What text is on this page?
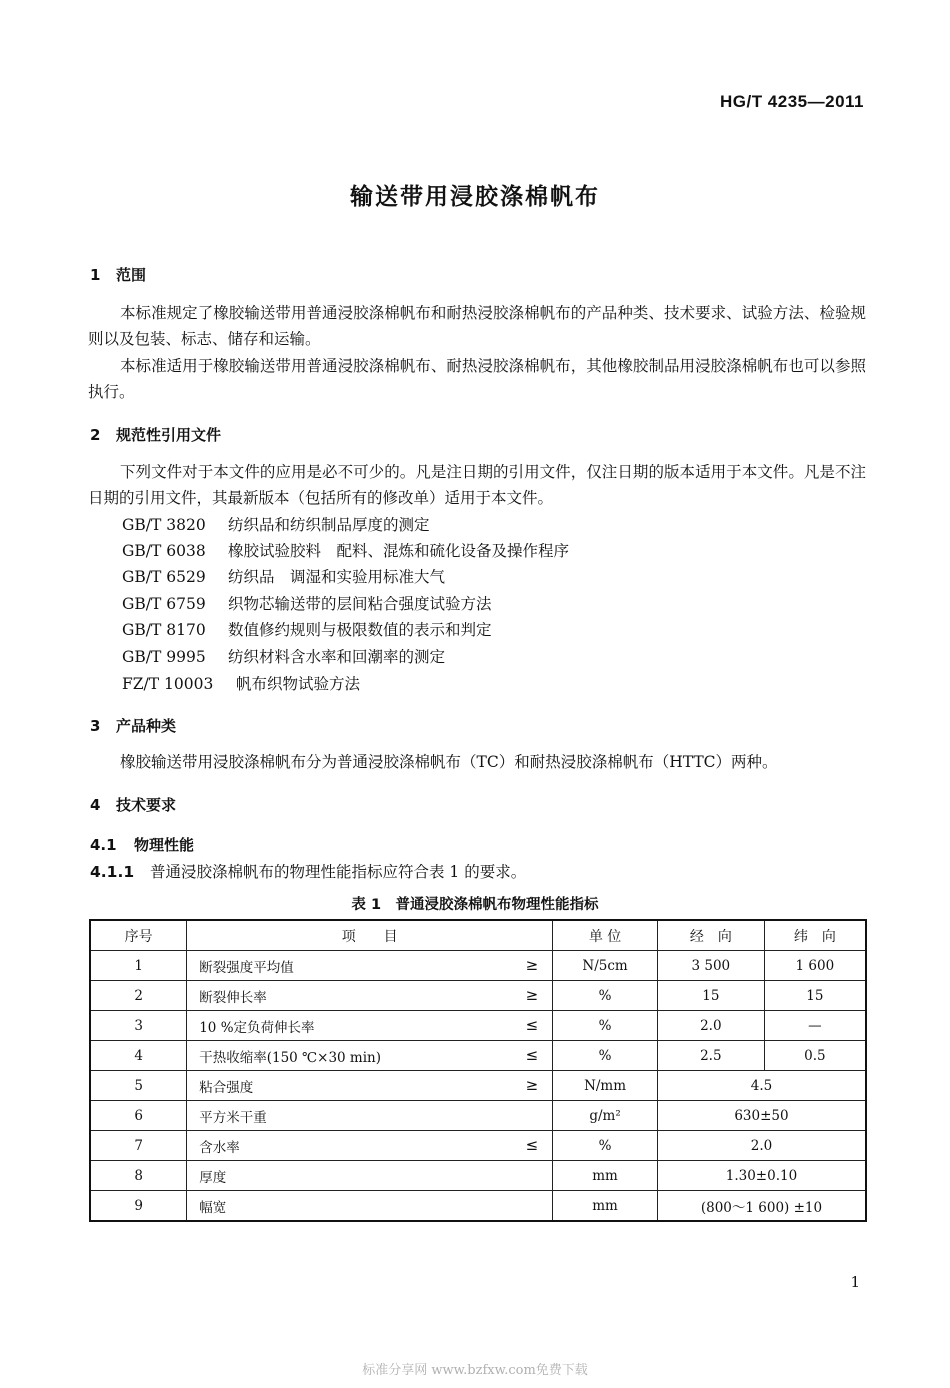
HG/T 4235—2011
输送带用浸胶涤棉帆布
1 范围
本标准规定了橡胶输送带用普通浸胶涤棉帆布和耐热浸胶涤棉帆布的产品种类、技术要求、试验方法、检验规则以及包装、标志、储存和运输。
本标准适用于橡胶输送带用普通浸胶涤棉帆布、耐热浸胶涤棉帆布，其他橡胶制品用浸胶涤棉帆布也可以参照执行。
2 规范性引用文件
下列文件对于本文件的应用是必不可少的。凡是注日期的引用文件，仅注日期的版本适用于本文件。凡是不注日期的引用文件，其最新版本（包括所有的修改单）适用于本文件。
GB/T 3820 纺织品和纺织制品厚度的测定
GB/T 6038 橡胶试验胶料　配料、混炼和硫化设备及操作程序
GB/T 6529 纺织品　调湿和实验用标准大气
GB/T 6759 织物芯输送带的层间粘合强度试验方法
GB/T 8170 数值修约规则与极限数值的表示和判定
GB/T 9995 纺织材料含水率和回潮率的测定
FZ/T 10003 帆布织物试验方法
3 产品种类
橡胶输送带用浸胶涤棉帆布分为普通浸胶涤棉帆布（TC）和耐热浸胶涤棉帆布（HTTC）两种。
4 技术要求
4.1 物理性能
4.1.1 普通浸胶涤棉帆布的物理性能指标应符合表 1 的要求。
表 1　普通浸胶涤棉帆布物理性能指标
序号	项　　目	单 位	经　向	纬　向
1	断裂强度平均值 ≥	N/5cm	3 500	1 600
2	断裂伸长率 ≥	%	15	15
3	10 %定负荷伸长率 ≤	%	2.0	—
4	干热收缩率(150 ℃×30 min) ≤	%	2.5	0.5
5	粘合强度 ≥	N/mm	4.5	
6	平方米干重	g/m²	630±50	
7	含水率 ≤	%	2.0	
8	厚度	mm	1.30±0.10	
9	幅宽	mm	(800～1 600) ±10	
1
标准分享网 www.bzfxw.com免费下载
